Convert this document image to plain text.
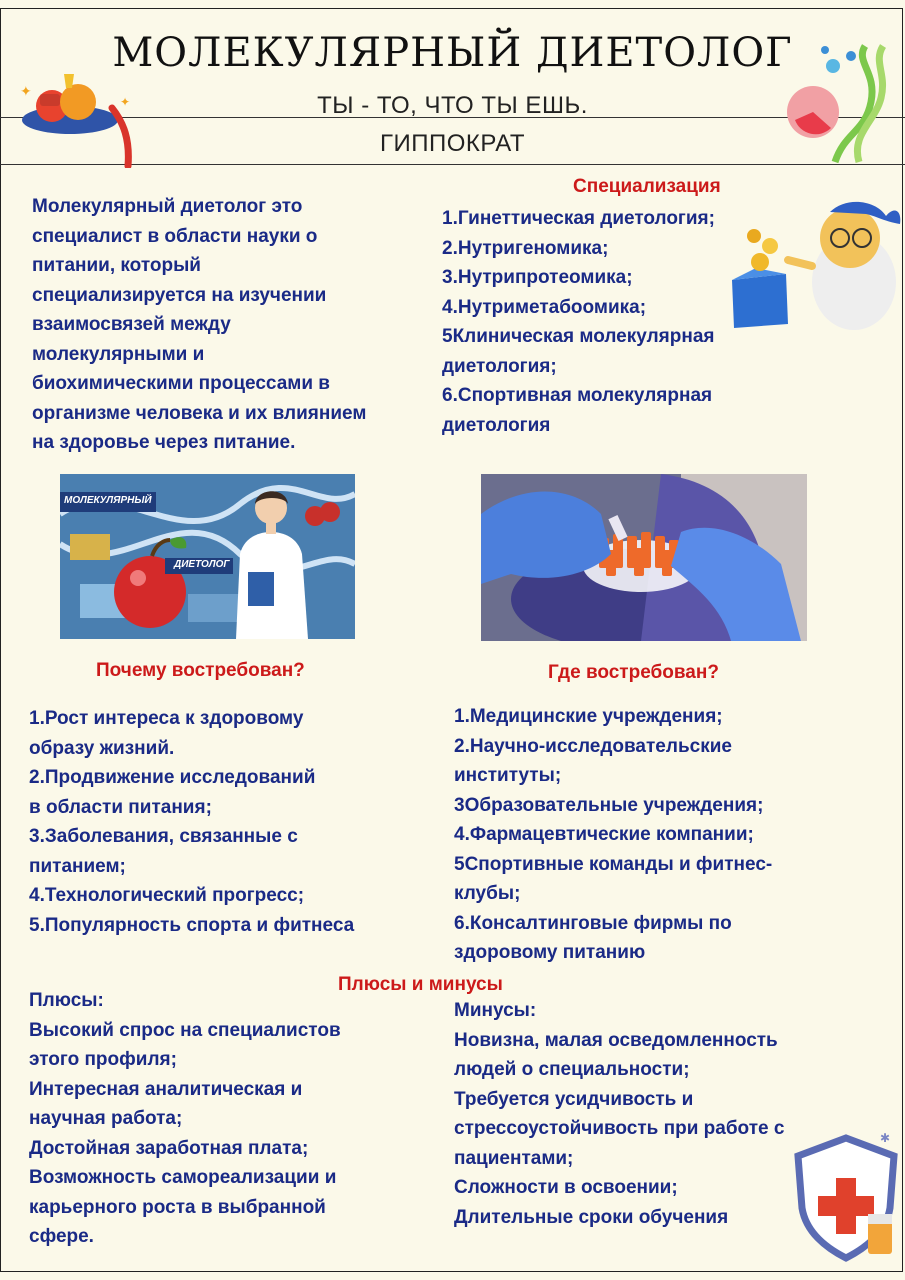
✦
✦
МОЛЕКУЛЯРНЫЙ ДИЕТОЛОГ
ТЫ - ТО, ЧТО ТЫ ЕШЬ.
ГИППОКРАТ

Молекулярный диетолог это

специалист в области науки о

питании, который

специализируется на изучении

взаимосвязей между

молекулярными и

биохимическими процессами в

организме человека и их влиянием

на здоровье через питание.

Специализация
1.Гинеттическая диетология;
2.Нутригеномика;
3.Нутрипротеомика;
4.Нутриметабоомика;
5Клиническая молекулярная
диетология;
6.Спортивная молекулярная
диетология
МОЛЕКУЛЯРНЫЙ
ДИЕТОЛОГ
Почему востребован?
1.Рост интереса к здоровому
образу жизний.
2.Продвижение исследований
в области питания;
3.Заболевания, связанные с
питанием;
4.Технологический прогресс;
5.Популярность спорта и фитнеса
Где востребован?
1.Медицинские учреждения;
2.Научно-исследовательские
институты;
3Образовательные учреждения;
4.Фармацевтические компании;
5Спортивные команды и фитнес-
клубы;
6.Консалтинговые фирмы по
здоровому питанию
Плюсы и минусы
Плюсы:
Высокий спрос на специалистов
этого профиля;
Интересная аналитическая и
научная работа;
Достойная заработная плата;
Возможность самореализации и
карьерного роста в выбранной
сфере.
Минусы:
Новизна, малая осведомленность
людей о специальности;
Требуется усидчивость и
стрессоустойчивость при работе с
пациентами;
Сложности в освоении;
Длительные сроки обучения
✱
